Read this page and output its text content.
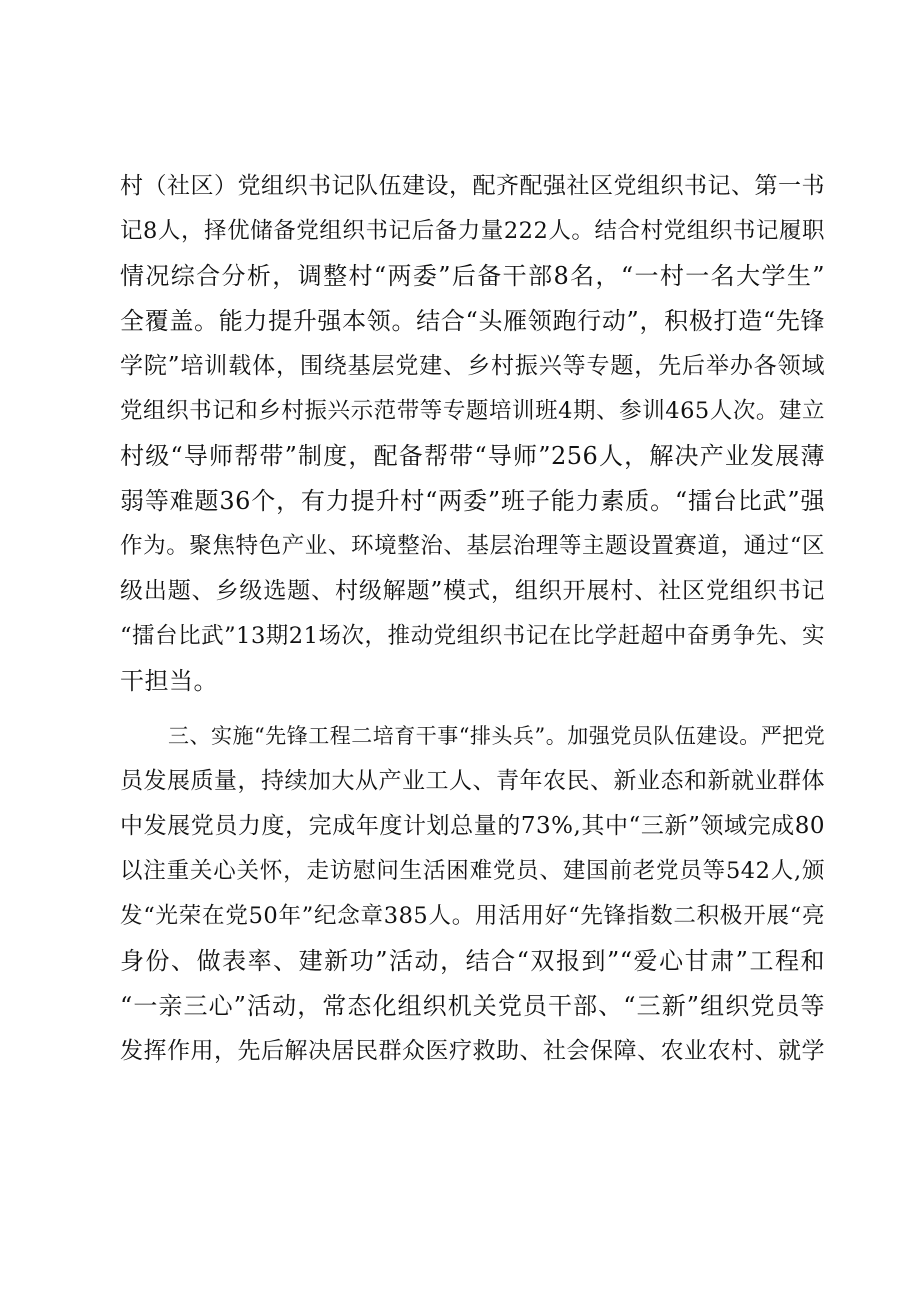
村（社区）党组织书记队伍建设，配齐配强社区党组织书记、第一书
记8人，择优储备党组织书记后备力量222人。结合村党组织书记履职
情况综合分析，调整村“两委”后备干部8名，“一村一名大学生”
全覆盖。能力提升强本领。结合“头雁领跑行动”，积极打造“先锋
学院”培训载体，围绕基层党建、乡村振兴等专题，先后举办各领域
党组织书记和乡村振兴示范带等专题培训班4期、参训465人次。建立
村级“导师帮带”制度，配备帮带“导师”256人，解决产业发展薄
弱等难题36个，有力提升村“两委”班子能力素质。“擂台比武”强
作为。聚焦特色产业、环境整治、基层治理等主题设置赛道，通过“区
级出题、乡级选题、村级解题”模式，组织开展村、社区党组织书记
“擂台比武”13期21场次，推动党组织书记在比学赶超中奋勇争先、实
干担当。
三、实施“先锋工程二培育干事“排头兵”。加强党员队伍建设。严把党
员发展质量，持续加大从产业工人、青年农民、新业态和新就业群体
中发展党员力度，完成年度计划总量的73%,其中“三新”领域完成80
以注重关心关怀，走访慰问生活困难党员、建国前老党员等542人,颁
发“光荣在党50年”纪念章385人。用活用好“先锋指数二积极开展“亮
身份、做表率、建新功”活动，结合“双报到”“爱心甘肃”工程和
“一亲三心”活动，常态化组织机关党员干部、“三新”组织党员等
发挥作用，先后解决居民群众医疗救助、社会保障、农业农村、就学
